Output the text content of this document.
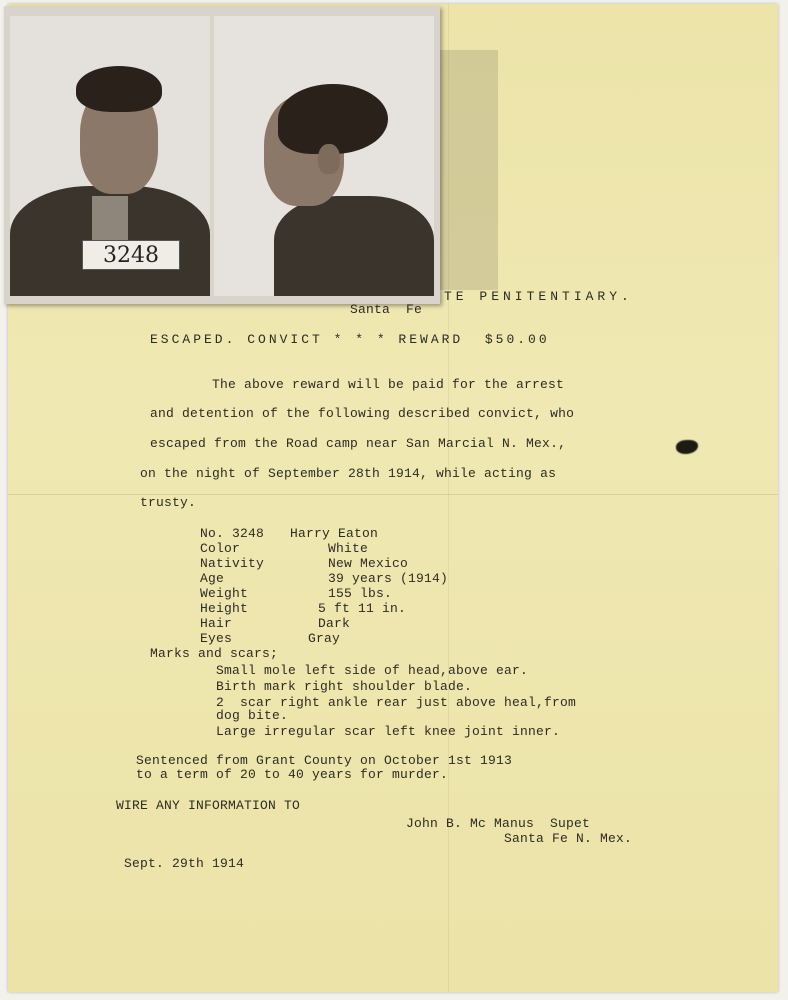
3248
TE PENITENTIARY.
Santa  Fe
ESCAPED. CONVICT * * * REWARD  $50.00
The above reward will be paid for the arrest
and detention of the following described convict, who
escaped from the Road camp near San Marcial N. Mex.,
on the night of September 28th 1914, while acting as
trusty.
No. 3248 Harry Eaton
Color	White
Nativity	New Mexico
Age	39 years (1914)
Weight	155 lbs.
Height	5 ft 11 in.
Hair	Dark
Eyes	Gray
Marks and scars;
Small mole left side of head,above ear.
Birth mark right shoulder blade.
2  scar right ankle rear just above heal,from
dog bite.
Large irregular scar left knee joint inner.
Sentenced from Grant County on October 1st 1913
to a term of 20 to 40 years for murder.
WIRE ANY INFORMATION TO
John B. Mc Manus  Supet
Santa Fe N. Mex.
Sept. 29th 1914
